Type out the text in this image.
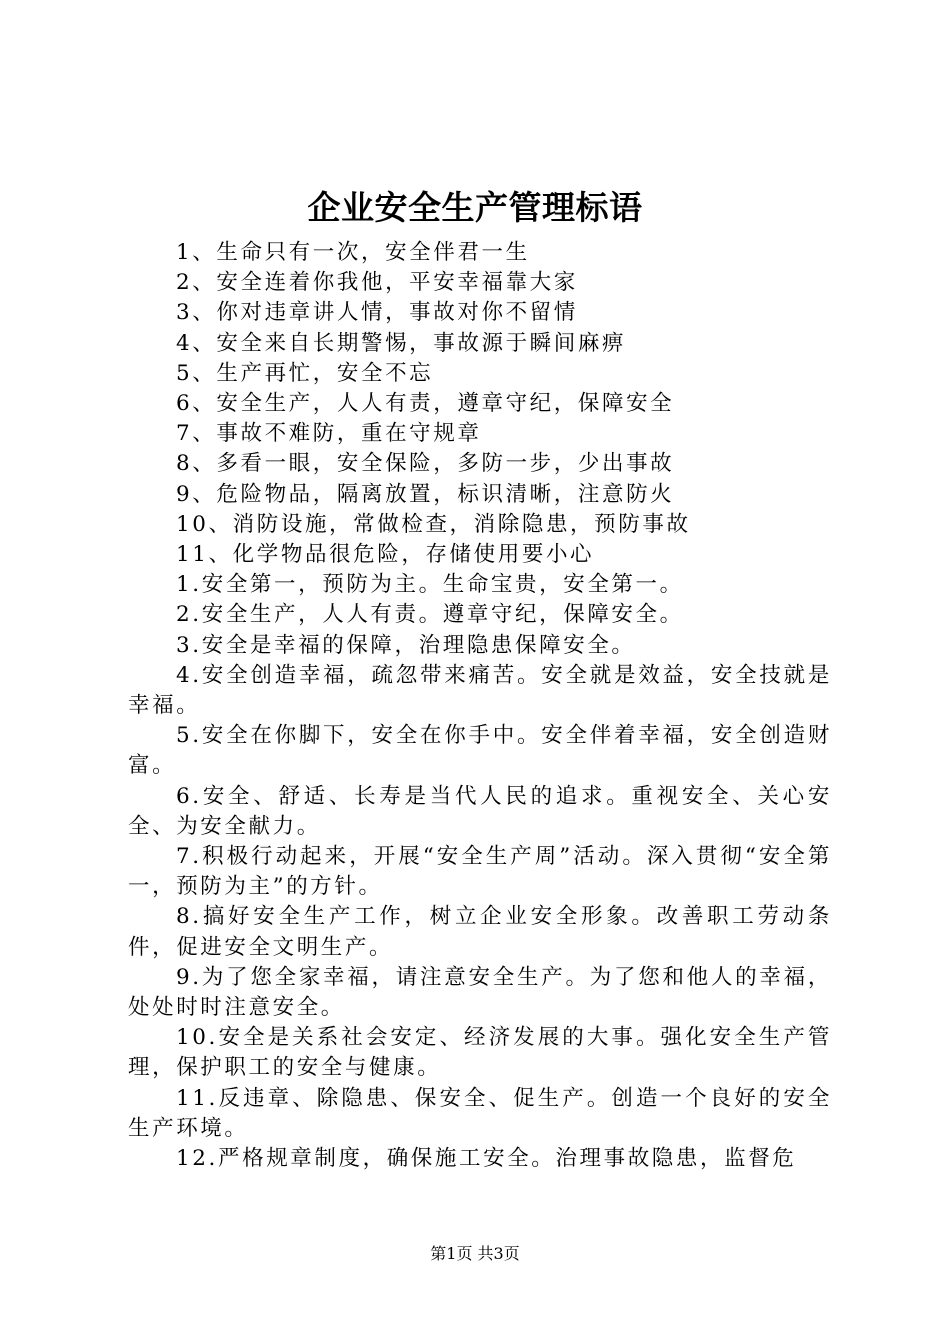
企业安全生产管理标语

1、生命只有一次，安全伴君一生

2、安全连着你我他，平安幸福靠大家

3、你对违章讲人情，事故对你不留情

4、安全来自长期警惕，事故源于瞬间麻痹

5、生产再忙，安全不忘

6、安全生产，人人有责，遵章守纪，保障安全

7、事故不难防，重在守规章

8、多看一眼，安全保险，多防一步，少出事故

9、危险物品，隔离放置，标识清晰，注意防火

10、消防设施，常做检查，消除隐患，预防事故

11、化学物品很危险，存储使用要小心

1.安全第一，预防为主。生命宝贵，安全第一。

2.安全生产，人人有责。遵章守纪，保障安全。

3.安全是幸福的保障，治理隐患保障安全。

4.安全创造幸福，疏忽带来痛苦。安全就是效益，安全技就是幸福。

5.安全在你脚下，安全在你手中。安全伴着幸福，安全创造财富。

6.安全、舒适、长寿是当代人民的追求。重视安全、关心安全、为安全献力。

7.积极行动起来，开展“安全生产周”活动。深入贯彻“安全第一，预防为主”的方针。

8.搞好安全生产工作，树立企业安全形象。改善职工劳动条件，促进安全文明生产。

9.为了您全家幸福，请注意安全生产。为了您和他人的幸福，处处时时注意安全。

10.安全是关系社会安定、经济发展的大事。强化安全生产管理，保护职工的安全与健康。

11.反违章、除隐患、保安全、促生产。创造一个良好的安全生产环境。

12.严格规章制度，确保施工安全。治理事故隐患，监督危

第1页 共3页
